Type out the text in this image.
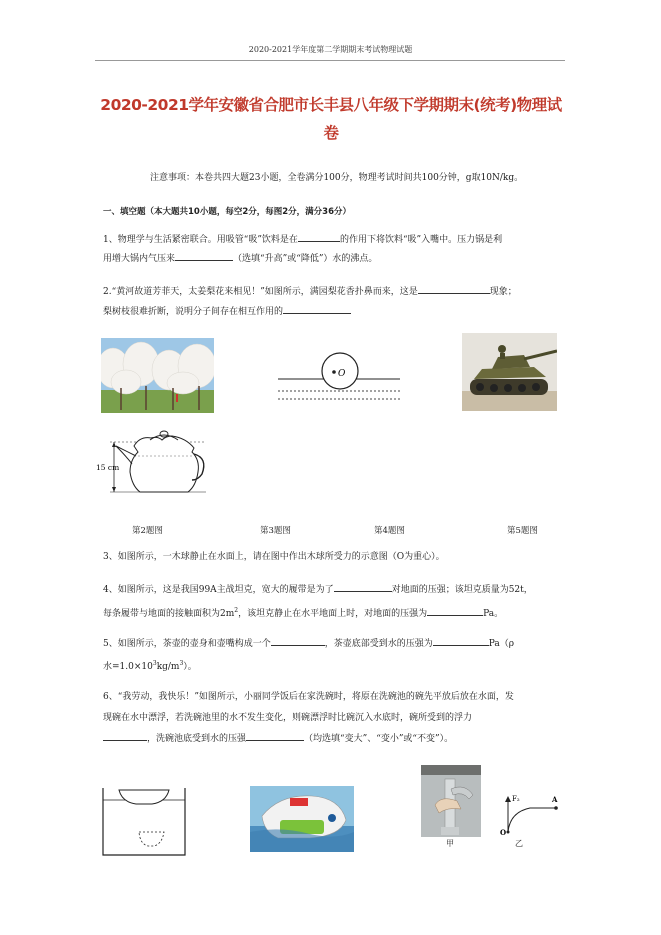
2020-2021学年度第二学期期末考试物理试题
2020-2021学年安徽省合肥市长丰县八年级下学期期末(统考)物理试
卷
注意事项：本卷共四大题23小题，全卷满分100分，物理考试时间共100分钟，g取10N/kg。
一、填空题（本大题共10小题，每空2分，每图2分，满分36分）
1、物理学与生活紧密联合。用吸管“吸”饮料是在	的作用下将饮料“吸”入嘴中。压力锅是利
用增大锅内气压来	（选填“升高”或“降低”）水的沸点。
2.“黄河故道芳菲天，太姜梨花来相见！”如图所示，满园梨花香扑鼻而来，这是	现象；
梨树枝很难折断，说明分子间存在相互作用的
O
15 cm
第2题图	第3题图	第4题图	第5题图
3、如图所示，一木球静止在水面上，请在图中作出木球所受力的示意图（O为重心）。
4、如图所示，这是我国99A主战坦克，宽大的履带是为了	对地面的压强；该坦克质量为52t，
每条履带与地面的接触面积为$2m^2$，该坦克静止在水平地面上时，对地面的压强为	Pa。
5、如图所示，茶壶的壶身和壶嘴构成一个	，茶壶底部受到水的压强为	Pa（ρ
水$=1.0\times 10^3kg/m^3$）。
6、“我劳动，我快乐！”如图所示，小丽同学饭后在家洗碗时，将原在洗碗池的碗先平放后放在水面，发
现碗在水中漂浮，若洗碗池里的水不发生变化，则碗漂浮时比碗沉入水底时，碗所受到的浮力
，洗碗池底受到水的压强	（均选填“变大”、“变小”或“不变”）。
甲
F₂	A
O
乙
